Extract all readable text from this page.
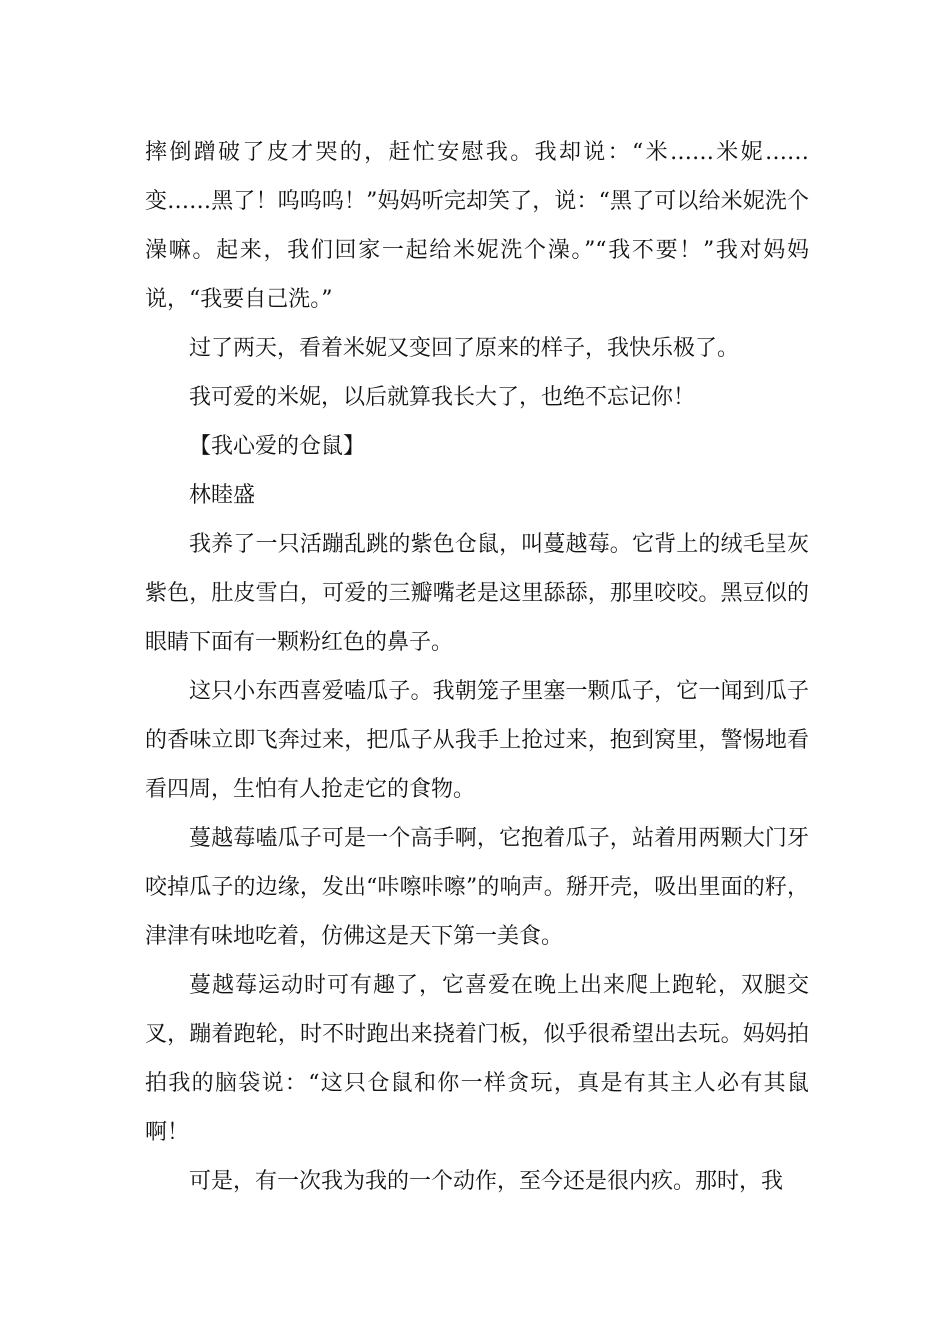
摔倒蹭破了皮才哭的，赶忙安慰我。我却说：“米……米妮……变……黑了！呜呜呜！”妈妈听完却笑了，说：“黑了可以给米妮洗个澡嘛。起来，我们回家一起给米妮洗个澡。”“我不要！”我对妈妈说，“我要自己洗。”

过了两天，看着米妮又变回了原来的样子，我快乐极了。

我可爱的米妮，以后就算我长大了，也绝不忘记你！

【我心爱的仓鼠】

林睦盛

我养了一只活蹦乱跳的紫色仓鼠，叫蔓越莓。它背上的绒毛呈灰紫色，肚皮雪白，可爱的三瓣嘴老是这里舔舔，那里咬咬。黑豆似的眼睛下面有一颗粉红色的鼻子。

这只小东西喜爱嗑瓜子。我朝笼子里塞一颗瓜子，它一闻到瓜子的香味立即飞奔过来，把瓜子从我手上抢过来，抱到窝里，警惕地看看四周，生怕有人抢走它的食物。

蔓越莓嗑瓜子可是一个高手啊，它抱着瓜子，站着用两颗大门牙咬掉瓜子的边缘，发出“咔嚓咔嚓”的响声。掰开壳，吸出里面的籽，津津有味地吃着，仿佛这是天下第一美食。

蔓越莓运动时可有趣了，它喜爱在晚上出来爬上跑轮，双腿交叉，蹦着跑轮，时不时跑出来挠着门板，似乎很希望出去玩。妈妈拍拍我的脑袋说：“这只仓鼠和你一样贪玩，真是有其主人必有其鼠啊！

可是，有一次我为我的一个动作，至今还是很内疚。那时，我
